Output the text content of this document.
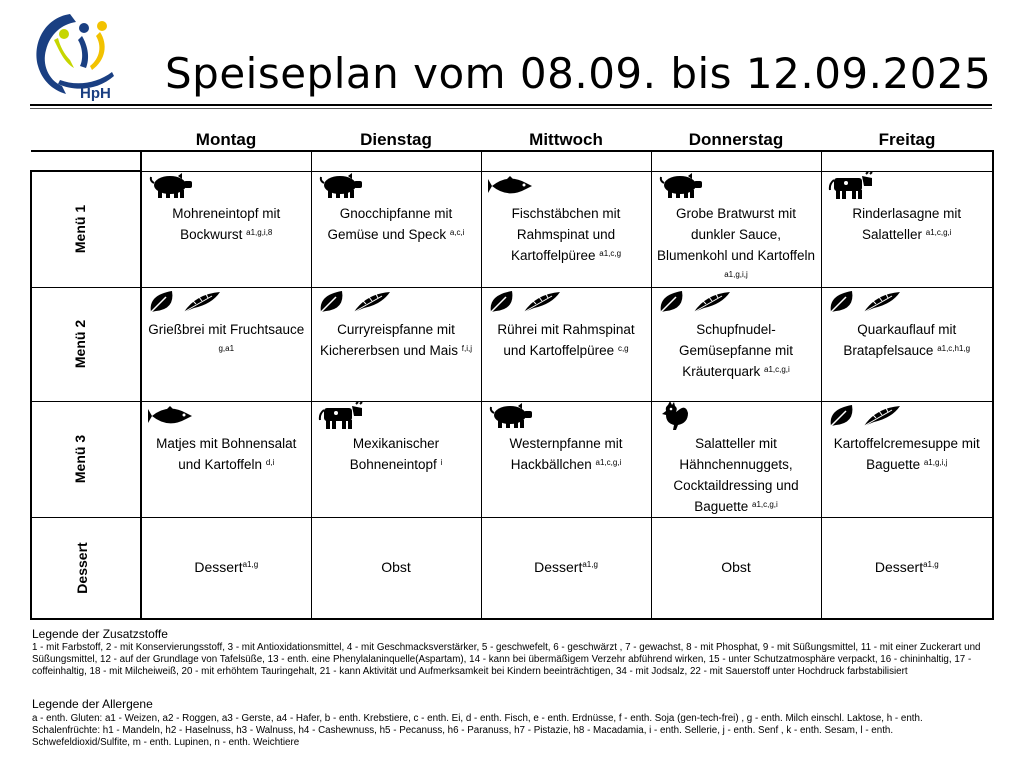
HpH Speiseplan vom 08.09. bis 12.09.2025
	Montag	Dienstag	Mittwoch	Donnerstag	Freitag

Menü 1	Mohreneintopf mit Bockwurst $^{a1,g,i,8}$	Gnocchipfanne mit Gemüse und Speck $^{a,c,i}$	Fischstäbchen mit Rahmspinat und Kartoffelpüree $^{a1,c,g}$	Grobe Bratwurst mit dunkler Sauce, Blumenkohl und Kartoffeln $^{a1,g,i,j}$	Rinderlasagne mit Salatteller $^{a1,c,g,i}$

Menü 2	Grießbrei mit Fruchtsauce $^{g,a1}$	Curryreispfanne mit Kichererbsen und Mais $^{f,i,j}$	Rührei mit Rahmspinat und Kartoffelpüree $^{c,g}$	Schupfnudel-Gemüsepfanne mit Kräuterquark $^{a1,c,g,i}$	Quarkauflauf mit Bratapfelsauce $^{a1,c,h1,g}$

Menü 3	Matjes mit Bohnensalat und Kartoffeln $^{d,i}$	Mexikanischer Bohneneintopf $^i$	Westernpfanne mit Hackbällchen $^{a1,c,g,i}$	Salatteller mit Hähnchennuggets, Cocktaildressing und Baguette $^{a1,c,g,i}$	Kartoffelcremesuppe mit Baguette $^{a1,g,i,j}$

Dessert	Dessert$^{a1,g}$	Obst	Dessert$^{a1,g}$	Obst	Dessert$^{a1,g}$
Legende der Zusatzstoffe
1 - mit Farbstoff, 2 - mit Konservierungsstoff, 3 - mit Antioxidationsmittel, 4 - mit Geschmacksverstärker, 5 - geschwefelt, 6 - geschwärzt , 7 - gewachst, 8 - mit Phosphat, 9 - mit Süßungsmittel, 11 - mit einer Zuckerart und Süßungsmittel, 12 - auf der Grundlage von Tafelsüße, 13 - enth. eine Phenylalaninquelle(Aspartam), 14 - kann bei übermäßigem Verzehr abführend wirken, 15 - unter Schutzatmosphäre verpackt, 16 - chininhaltig, 17 - coffeinhaltig, 18 - mit Milcheiweiß, 20 - mit erhöhtem Tauringehalt, 21 - kann Aktivität und Aufmerksamkeit bei Kindern beeinträchtigen, 34 - mit Jodsalz, 22 - mit Sauerstoff unter Hochdruck farbstabilisiert
Legende der Allergene
a - enth. Gluten: a1 - Weizen, a2 - Roggen, a3 - Gerste, a4 - Hafer, b - enth. Krebstiere, c - enth. Ei, d - enth. Fisch, e - enth. Erdnüsse, f - enth. Soja (gen-tech-frei) , g - enth. Milch einschl. Laktose, h - enth. Schalenfrüchte: h1 - Mandeln, h2 - Haselnuss, h3 - Walnuss, h4 - Cashewnuss, h5 - Pecanuss, h6 - Paranuss, h7 - Pistazie, h8 - Macadamia, i - enth. Sellerie, j - enth. Senf , k - enth. Sesam, l - enth. Schwefeldioxid/Sulfite, m - enth. Lupinen, n - enth. Weichtiere
